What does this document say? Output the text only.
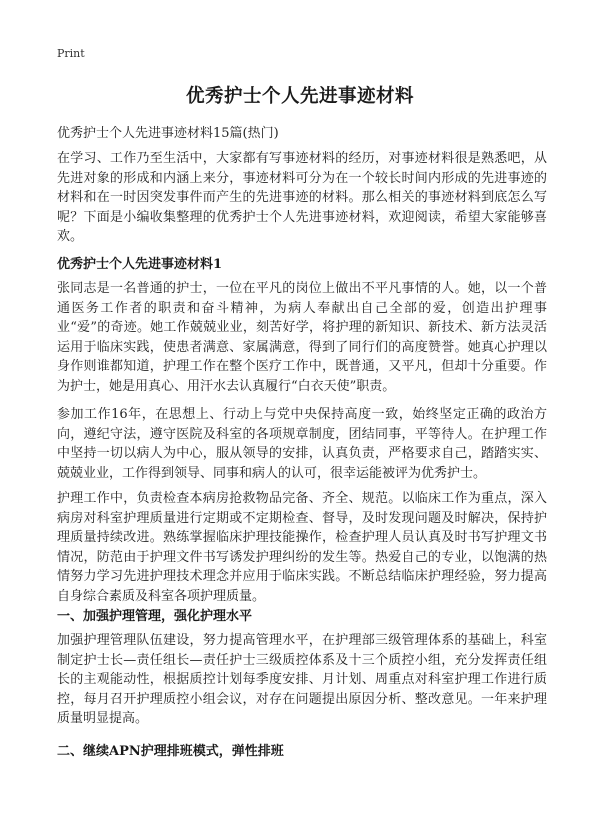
Print
优秀护士个人先进事迹材料
优秀护士个人先进事迹材料15篇(热门)
在学习、工作乃至生活中，大家都有写事迹材料的经历，对事迹材料很是熟悉吧，从先进对象的形成和内涵上来分，事迹材料可分为在一个较长时间内形成的先进事迹的材料和在一时因突发事件而产生的先进事迹的材料。那么相关的事迹材料到底怎么写呢？下面是小编收集整理的优秀护士个人先进事迹材料，欢迎阅读，希望大家能够喜欢。
优秀护士个人先进事迹材料1
张同志是一名普通的护士，一位在平凡的岗位上做出不平凡事情的人。她，以一个普通医务工作者的职责和奋斗精神，为病人奉献出自己全部的爱，创造出护理事业“爱”的奇迹。她工作兢兢业业，刻苦好学，将护理的新知识、新技术、新方法灵活运用于临床实践，使患者满意、家属满意，得到了同行们的高度赞誉。她真心护理以身作则谁都知道，护理工作在整个医疗工作中，既普通，又平凡，但却十分重要。作为护士，她是用真心、用汗水去认真履行“白衣天使”职责。
参加工作16年，在思想上、行动上与党中央保持高度一致，始终坚定正确的政治方向，遵纪守法，遵守医院及科室的各项规章制度，团结同事，平等待人。在护理工作中坚持一切以病人为中心，服从领导的安排，认真负责，严格要求自己，踏踏实实、兢兢业业，工作得到领导、同事和病人的认可，很幸运能被评为优秀护士。
护理工作中，负责检查本病房抢救物品完备、齐全、规范。以临床工作为重点，深入病房对科室护理质量进行定期或不定期检查、督导，及时发现问题及时解决，保持护理质量持续改进。熟练掌握临床护理技能操作，检查护理人员认真及时书写护理文书情况，防范由于护理文件书写诱发护理纠纷的发生等。热爱自己的专业，以饱满的热情努力学习先进护理技术理念并应用于临床实践。不断总结临床护理经验，努力提高自身综合素质及科室各项护理质量。
一、加强护理管理，强化护理水平
加强护理管理队伍建设，努力提高管理水平，在护理部三级管理体系的基础上，科室制定护士长—责任组长—责任护士三级质控体系及十三个质控小组，充分发挥责任组长的主观能动性，根据质控计划每季度安排、月计划、周重点对科室护理工作进行质控，每月召开护理质控小组会议，对存在问题提出原因分析、整改意见。一年来护理质量明显提高。
二、继续APN护理排班模式，弹性排班
